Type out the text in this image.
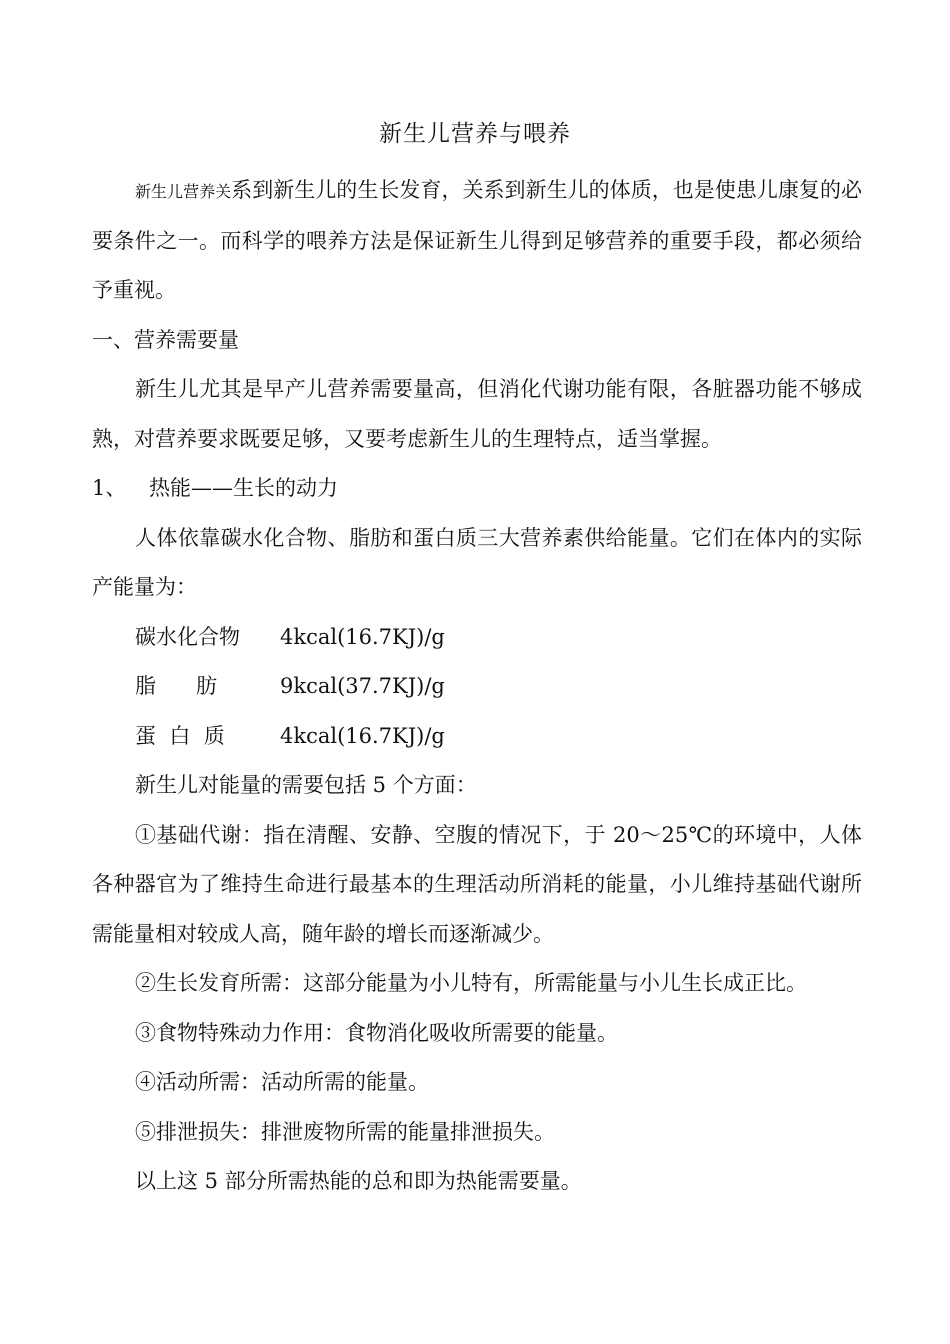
新生儿营养与喂养

新生儿营养关系到新生儿的生长发育，关系到新生儿的体质，也是使患儿康复的必要条件之一。而科学的喂养方法是保证新生儿得到足够营养的重要手段，都必须给予重视。

一、营养需要量

新生儿尤其是早产儿营养需要量高，但消化代谢功能有限，各脏器功能不够成熟，对营养要求既要足够，又要考虑新生儿的生理特点，适当掌握。

1、	热能——生长的动力

人体依靠碳水化合物、脂肪和蛋白质三大营养素供给能量。它们在体内的实际产能量为：

碳水化合物	4kcal(16.7KJ)/g
脂      肪	9kcal(37.7KJ)/g
蛋  白  质	4kcal(16.7KJ)/g

新生儿对能量的需要包括 5 个方面：

①基础代谢：指在清醒、安静、空腹的情况下，于 20～25℃的环境中，人体各种器官为了维持生命进行最基本的生理活动所消耗的能量，小儿维持基础代谢所需能量相对较成人高，随年龄的增长而逐渐减少。

②生长发育所需：这部分能量为小儿特有，所需能量与小儿生长成正比。

③食物特殊动力作用：食物消化吸收所需要的能量。

④活动所需：活动所需的能量。

⑤排泄损失：排泄废物所需的能量排泄损失。

以上这 5 部分所需热能的总和即为热能需要量。
